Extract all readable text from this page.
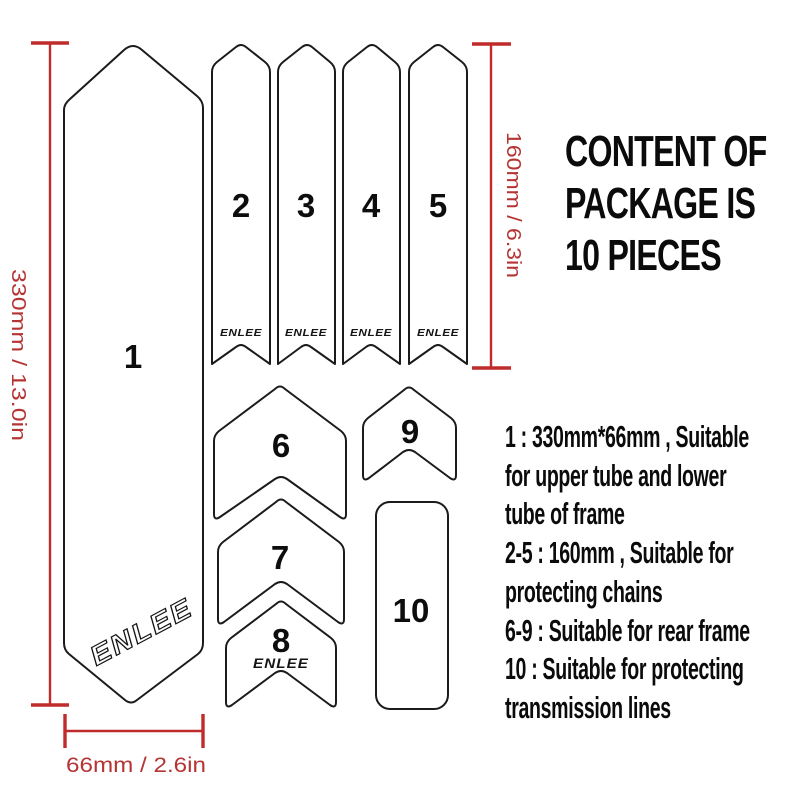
1
ENLEE
2
ENLEE
3
ENLEE
4
ENLEE
5
ENLEE
6
7
8
ENLEE
9
10
330mm / 13.0in
160mm / 6.3in
66mm / 2.6in
CONTENT OF
PACKAGE IS
10 PIECES
1 : 330mm*66mm , Suitable
for upper tube and lower
tube of frame
2-5 : 160mm , Suitable for
protecting chains
6-9 : Suitable for rear frame
10 : Suitable for protecting
transmission lines
